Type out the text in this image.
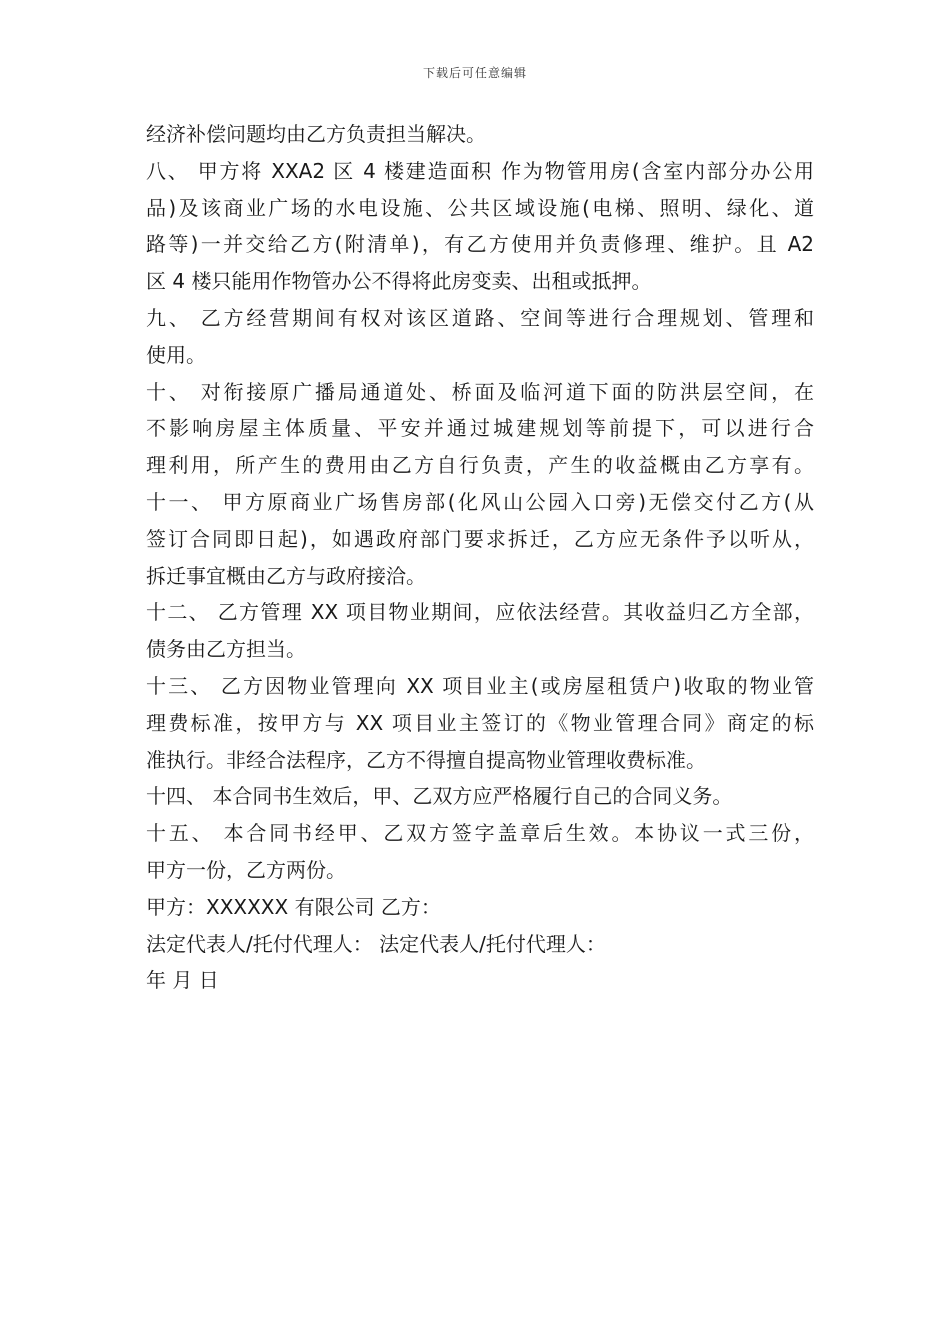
下载后可任意编辑
经济补偿问题均由乙方负责担当解决。
八、 甲方将 XXA2 区 4 楼建造面积 作为物管用房(含室内部分办公用
品)及该商业广场的水电设施、公共区域设施(电梯、照明、绿化、道
路等)一并交给乙方(附清单)，有乙方使用并负责修理、维护。且 A2
区 4 楼只能用作物管办公不得将此房变卖、出租或抵押。
九、 乙方经营期间有权对该区道路、空间等进行合理规划、管理和
使用。
十、 对衔接原广播局通道处、桥面及临河道下面的防洪层空间，在
不影响房屋主体质量、平安并通过城建规划等前提下，可以进行合
理利用，所产生的费用由乙方自行负责，产生的收益概由乙方享有。
十一、 甲方原商业广场售房部(化风山公园入口旁)无偿交付乙方(从
签订合同即日起)，如遇政府部门要求拆迁，乙方应无条件予以听从，
拆迁事宜概由乙方与政府接洽。
十二、 乙方管理 XX 项目物业期间，应依法经营。其收益归乙方全部，
债务由乙方担当。
十三、 乙方因物业管理向 XX 项目业主(或房屋租赁户)收取的物业管
理费标准，按甲方与 XX 项目业主签订的《物业管理合同》商定的标
准执行。非经合法程序，乙方不得擅自提高物业管理收费标准。
十四、 本合同书生效后，甲、乙双方应严格履行自己的合同义务。
十五、 本合同书经甲、乙双方签字盖章后生效。本协议一式三份，
甲方一份，乙方两份。
甲方：XXXXXX 有限公司 乙方：
法定代表人/托付代理人： 法定代表人/托付代理人：
年 月 日
